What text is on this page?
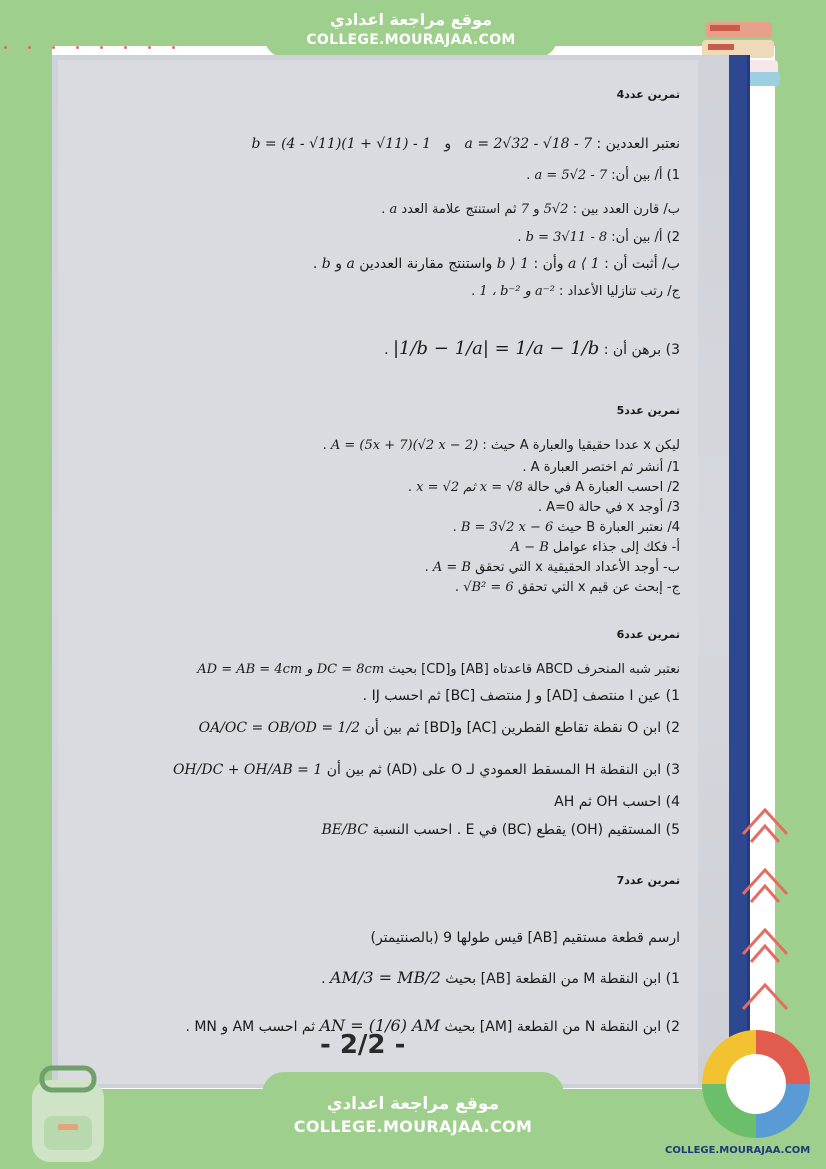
موقع مراجعة اعدادي
COLLEGE.MOURAJAA.COM
تمرين عدد4
نعتبر العددين : a = 2√32 - √18 - 7   و   b = (4 - √11)(1 + √11) - 1
1) أ/ بين أن: a = 5√2 - 7 .
ب/ قارن العدد بين : 5√2 و 7 ثم استنتج علامة العدد a .
2) أ/ بين أن: b = 3√11 - 8 .
ب/ أثبت أن : a ⟨ 1 وأن : b ⟩ 1 واستنتج مقارنة العددين a و b .
ج/ رتب تنازليا الأعداد : 1 ، b⁻² و a⁻² .
3) برهن أن : |1/b − 1/a| = 1/a − 1/b .
تمرين عدد5
ليكن x عددا حقيقيا والعبارة A حيث : A = (5x + 7)(√2 x − 2) .
1/ أنشر ثم اختصر العبارة A .
2/ احسب العبارة A في حالة x = √2 ثم x = √8 .
3/ أوجد x في حالة A=0 .
4/ نعتبر العبارة B حيث B = 3√2 x − 6 .
أ- فكك إلى جذاء عوامل A − B
ب- أوجد الأعداد الحقيقية x التي تحقق A = B .
ج- إبحث عن قيم x التي تحقق √B² = 6 .
تمرين عدد6
نعتبر شبه المنحرف ABCD قاعدتاه [AB] و[CD] بحيث AD = AB = 4cm و DC = 8cm
1) عين I منتصف [AD] و J منتصف [BC] ثم احسب IJ .
2) ابن O نقطة تقاطع القطرين [AC] و[BD] ثم بين أن OA/OC = OB/OD = 1/2
3) ابن النقطة H المسقط العمودي لـ O على (AD) ثم بين أن OH/DC + OH/AB = 1
4) احسب OH ثم AH
5) المستقيم (OH) يقطع (BC) في E . احسب النسبة BE/BC
تمرين عدد7
ارسم قطعة مستقيم [AB] قيس طولها 9 (بالصنتيمتر)
1) ابن النقطة M من القطعة [AB] بحيث AM/3 = MB/2 .
2) ابن النقطة N من القطعة [AM] بحيث AN = (1/6) AM ثم احسب AM و MN .
- 2/2 -
موقع مراجعة اعدادي
COLLEGE.MOURAJAA.COM
COLLEGE.MOURAJAA.COM
